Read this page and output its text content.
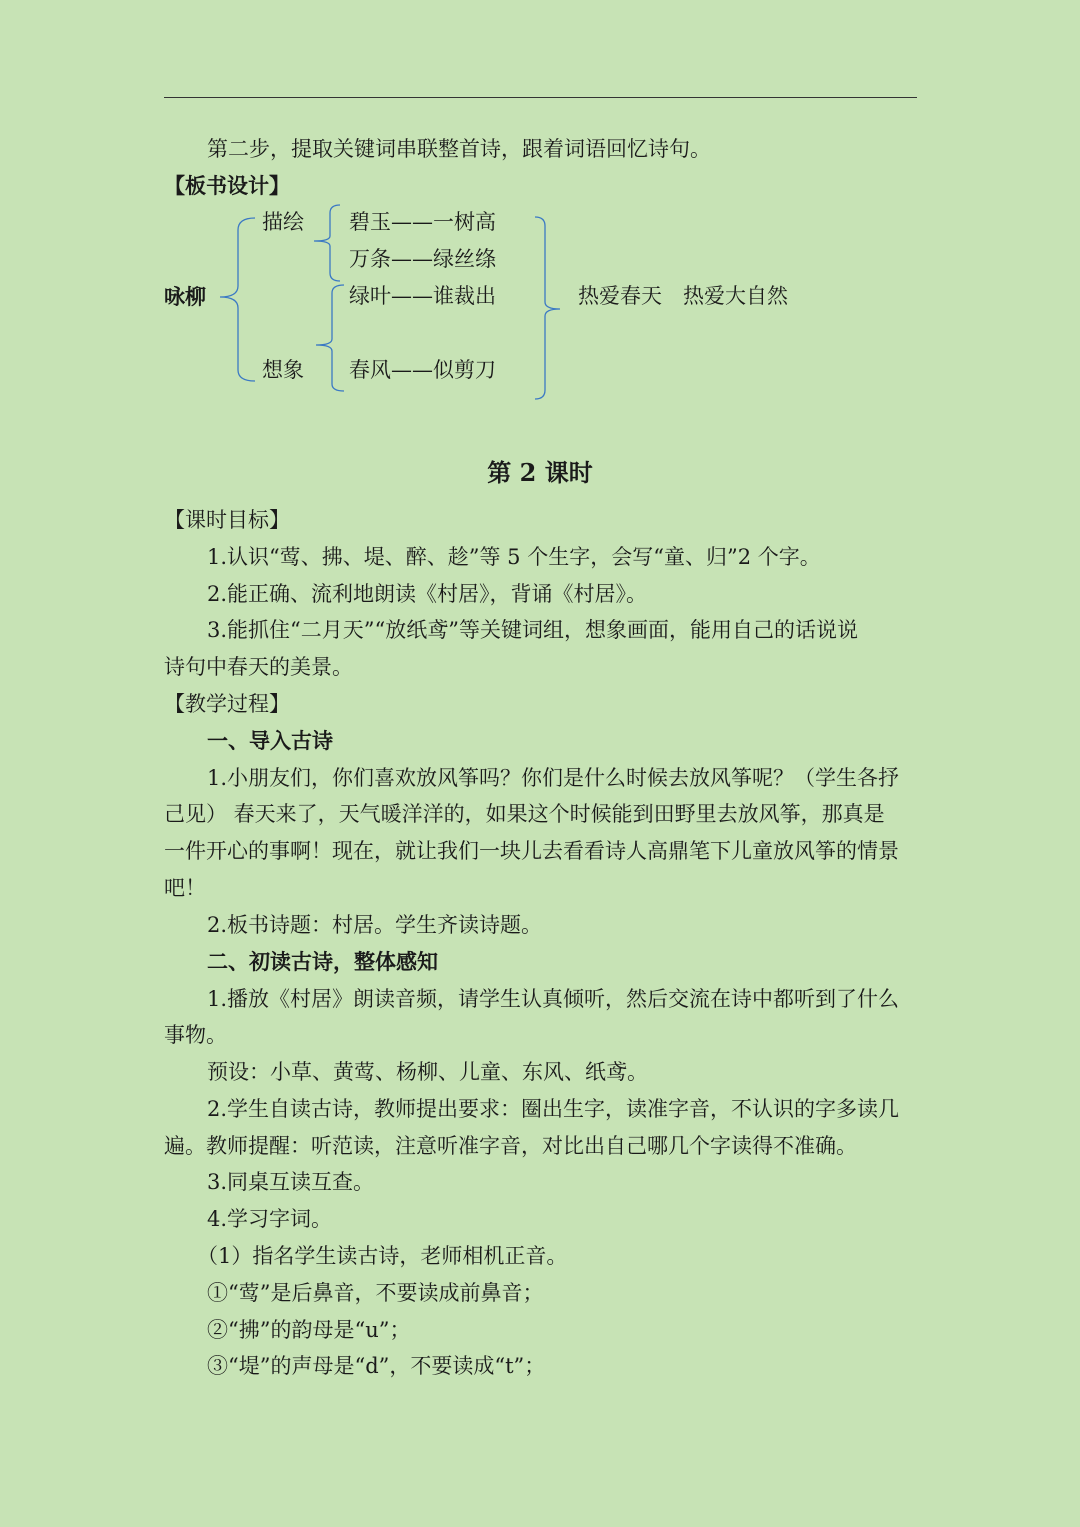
第二步，提取关键词串联整首诗，跟着词语回忆诗句。
【板书设计】
咏柳
描绘
想象
碧玉——一树高
万条——绿丝绦
绿叶——谁裁出
春风——似剪刀
热爱春天　热爱大自然
第 2 课时
【课时目标】
1.认识“莺、拂、堤、醉、趁”等 5 个生字，会写“童、归”2 个字。
2.能正确、流利地朗读《村居》，背诵《村居》。
3.能抓住“二月天”“放纸鸢”等关键词组，想象画面，能用自己的话说说
诗句中春天的美景。
【教学过程】
一、导入古诗
1.小朋友们，你们喜欢放风筝吗？你们是什么时候去放风筝呢？（学生各抒
己见） 春天来了，天气暖洋洋的，如果这个时候能到田野里去放风筝，那真是
一件开心的事啊！现在，就让我们一块儿去看看诗人高鼎笔下儿童放风筝的情景
吧！
2.板书诗题：村居。学生齐读诗题。
二、初读古诗，整体感知
1.播放《村居》朗读音频，请学生认真倾听，然后交流在诗中都听到了什么
事物。
预设：小草、黄莺、杨柳、儿童、东风、纸鸢。
2.学生自读古诗，教师提出要求：圈出生字，读准字音，不认识的字多读几
遍。教师提醒：听范读，注意听准字音，对比出自己哪几个字读得不准确。
3.同桌互读互查。
4.学习字词。
（1）指名学生读古诗，老师相机正音。
①“莺”是后鼻音，不要读成前鼻音；
②“拂”的韵母是“u”；
③“堤”的声母是“d”，不要读成“t”；
